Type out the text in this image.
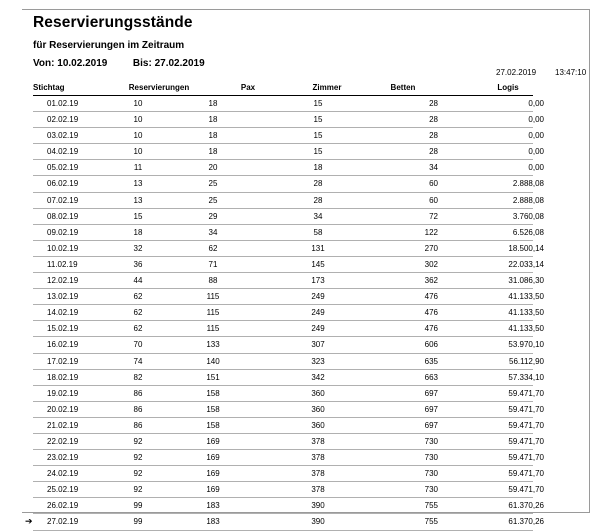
Reservierungsstände
für Reservierungen im Zeitraum
Von: 10.02.2019	Bis: 27.02.2019
27.02.2019 13:47:10
Stichtag	Reservierungen	Pax	Zimmer	Betten	Logis
01.02.19	10	18	15	28	0,00
02.02.19	10	18	15	28	0,00
03.02.19	10	18	15	28	0,00
04.02.19	10	18	15	28	0,00
05.02.19	11	20	18	34	0,00
06.02.19	13	25	28	60	2.888,08
07.02.19	13	25	28	60	2.888,08
08.02.19	15	29	34	72	3.760,08
09.02.19	18	34	58	122	6.526,08
10.02.19	32	62	131	270	18.500,14
11.02.19	36	71	145	302	22.033,14
12.02.19	44	88	173	362	31.086,30
13.02.19	62	115	249	476	41.133,50
14.02.19	62	115	249	476	41.133,50
15.02.19	62	115	249	476	41.133,50
16.02.19	70	133	307	606	53.970,10
17.02.19	74	140	323	635	56.112,90
18.02.19	82	151	342	663	57.334,10
19.02.19	86	158	360	697	59.471,70
20.02.19	86	158	360	697	59.471,70
21.02.19	86	158	360	697	59.471,70
22.02.19	92	169	378	730	59.471,70
23.02.19	92	169	378	730	59.471,70
24.02.19	92	169	378	730	59.471,70
25.02.19	92	169	378	730	59.471,70
26.02.19	99	183	390	755	61.370,26
➔ 27.02.19	99	183	390	755	61.370,26
